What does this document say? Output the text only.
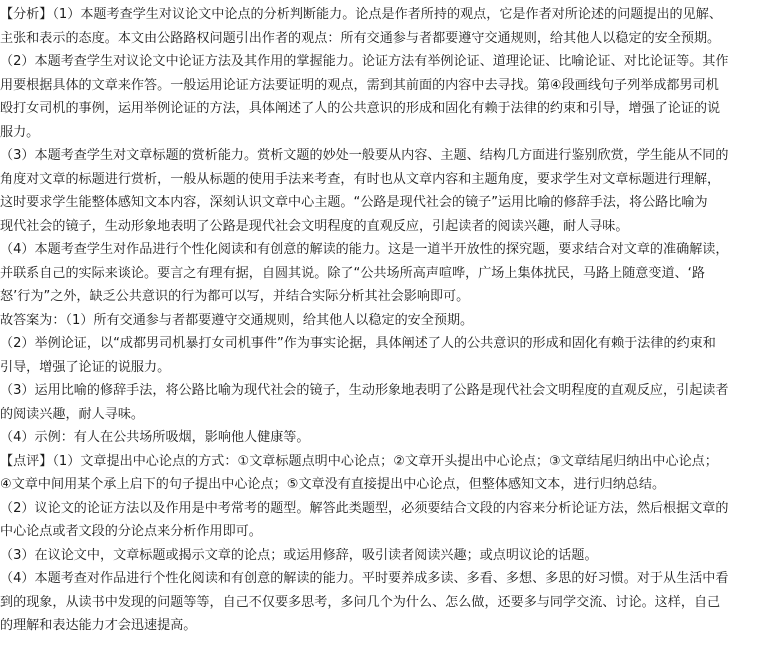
【分析】（1）本题考查学生对议论文中论点的分析判断能力。论点是作者所持的观点，它是作者对所论述的问题提出的见解、
主张和表示的态度。本文由公路路权问题引出作者的观点：所有交通参与者都要遵守交通规则，给其他人以稳定的安全预期。
（2）本题考查学生对议论文中论证方法及其作用的掌握能力。论证方法有举例论证、道理论证、比喻论证、对比论证等。其作
用要根据具体的文章来作答。一般运用论证方法要证明的观点，需到其前面的内容中去寻找。第④段画线句子列举成都男司机
殴打女司机的事例，运用举例论证的方法，具体阐述了人的公共意识的形成和固化有赖于法律的约束和引导，增强了论证的说
服力。
（3）本题考查学生对文章标题的赏析能力。赏析文题的妙处一般要从内容、主题、结构几方面进行鉴别欣赏，学生能从不同的
角度对文章的标题进行赏析，一般从标题的使用手法来考查，有时也从文章内容和主题角度，要求学生对文章标题进行理解，
这时要求学生能整体感知文本内容，深刻认识文章中心主题。“公路是现代社会的镜子”运用比喻的修辞手法，将公路比喻为
现代社会的镜子，生动形象地表明了公路是现代社会文明程度的直观反应，引起读者的阅读兴趣，耐人寻味。
（4）本题考查学生对作品进行个性化阅读和有创意的解读的能力。这是一道半开放性的探究题，要求结合对文章的准确解读，
并联系自己的实际来谈论。要言之有理有据，自圆其说。除了“公共场所高声喧哗，广场上集体扰民，马路上随意变道、‘路
怒’行为”之外，缺乏公共意识的行为都可以写，并结合实际分析其社会影响即可。
故答案为：（1）所有交通参与者都要遵守交通规则，给其他人以稳定的安全预期。
（2）举例论证，以“成都男司机暴打女司机事件”作为事实论据，具体阐述了人的公共意识的形成和固化有赖于法律的约束和
引导，增强了论证的说服力。
（3）运用比喻的修辞手法，将公路比喻为现代社会的镜子，生动形象地表明了公路是现代社会文明程度的直观反应，引起读者
的阅读兴趣，耐人寻味。
（4）示例：有人在公共场所吸烟，影响他人健康等。
【点评】（1）文章提出中心论点的方式：①文章标题点明中心论点；②文章开头提出中心论点；③文章结尾归纳出中心论点；
④文章中间用某个承上启下的句子提出中心论点；⑤文章没有直接提出中心论点，但整体感知文本，进行归纳总结。
（2）议论文的论证方法以及作用是中考常考的题型。解答此类题型，必须要结合文段的内容来分析论证方法，然后根据文章的
中心论点或者文段的分论点来分析作用即可。
（3）在议论文中，文章标题或揭示文章的论点；或运用修辞，吸引读者阅读兴趣；或点明议论的话题。
（4）本题考查对作品进行个性化阅读和有创意的解读的能力。平时要养成多读、多看、多想、多思的好习惯。对于从生活中看
到的现象，从读书中发现的问题等等，自己不仅要多思考，多问几个为什么、怎么做，还要多与同学交流、讨论。这样，自己
的理解和表达能力才会迅速提高。
